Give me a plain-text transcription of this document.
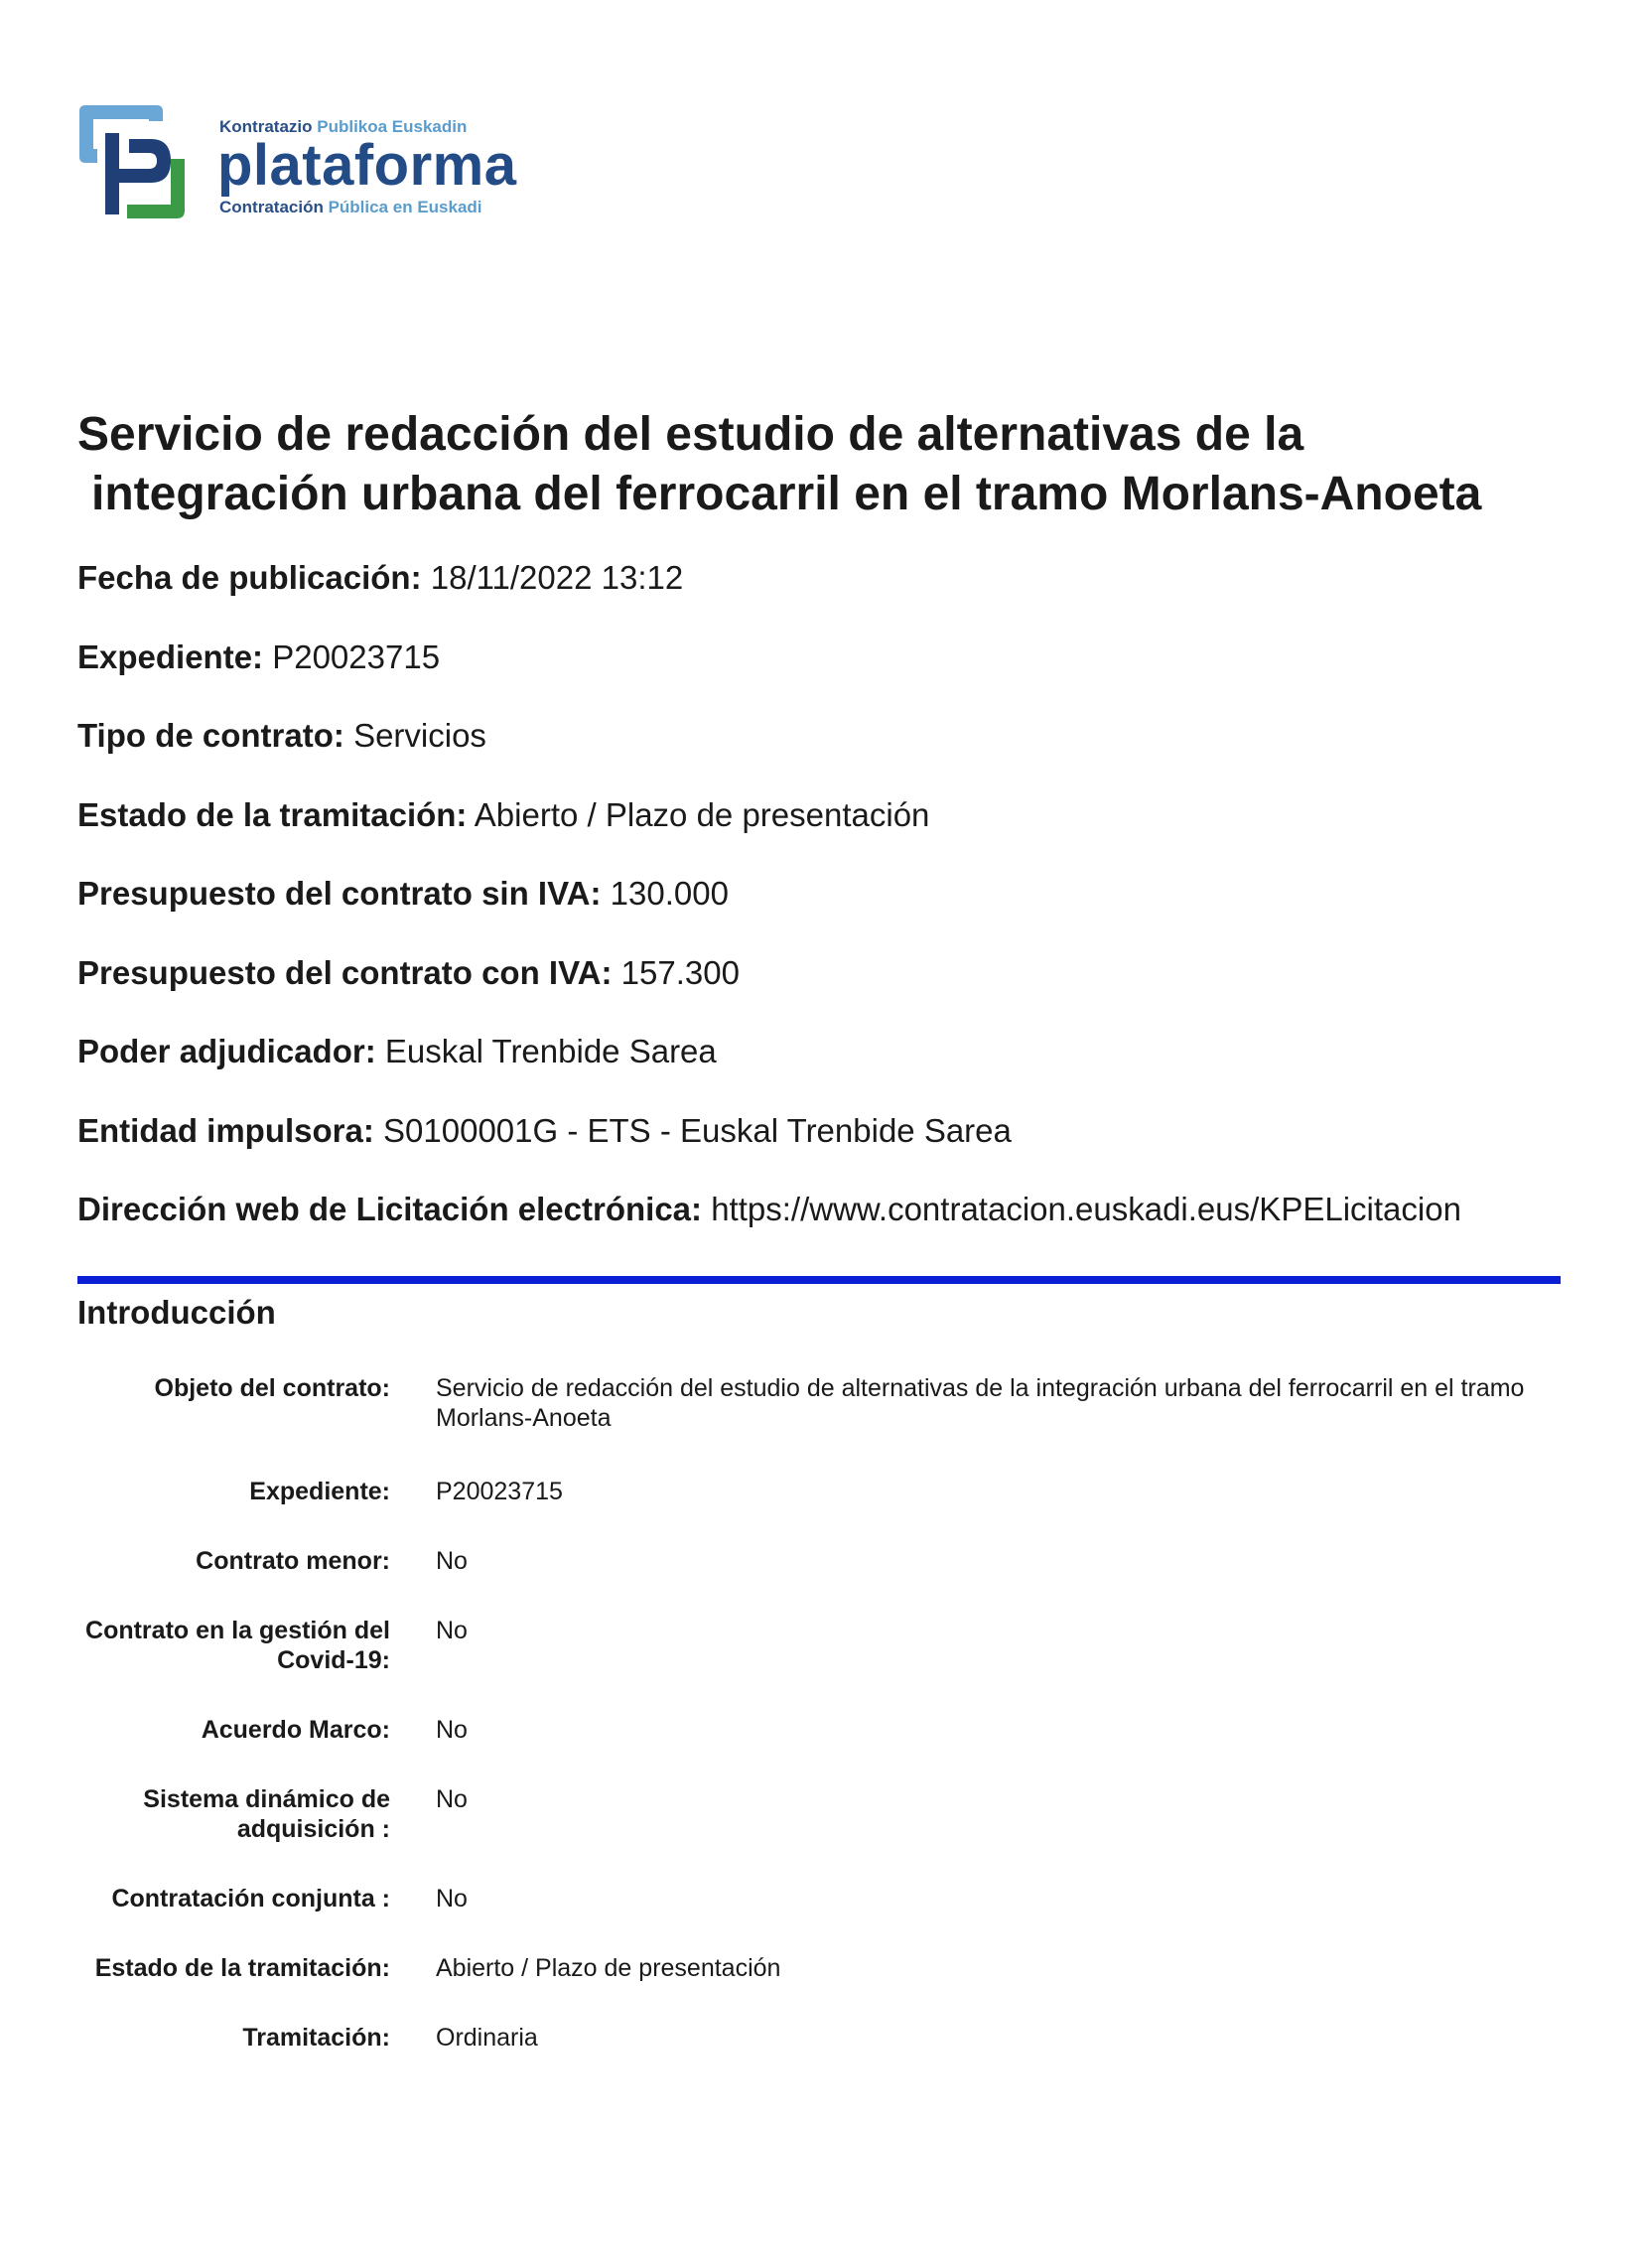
Kontratazio Publikoa Euskadin
plataforma
Contratación Pública en Euskadi
Servicio de redacción del estudio de alternativas de la
integración urbana del ferrocarril en el tramo Morlans-Anoeta
Fecha de publicación: 18/11/2022 13:12
Expediente: P20023715
Tipo de contrato: Servicios
Estado de la tramitación: Abierto / Plazo de presentación
Presupuesto del contrato sin IVA: 130.000
Presupuesto del contrato con IVA: 157.300
Poder adjudicador: Euskal Trenbide Sarea
Entidad impulsora: S0100001G - ETS - Euskal Trenbide Sarea
Dirección web de Licitación electrónica: https://www.contratacion.euskadi.eus/KPELicitacion
Introducción
Objeto del contrato: Servicio de redacción del estudio de alternativas de la integración urbana del ferrocarril en el tramo
Morlans-Anoeta
Expediente: P20023715
Contrato menor: No
Contrato en la gestión del
Covid-19:
No
Acuerdo Marco: No
Sistema dinámico de
adquisición :
No
Contratación conjunta : No
Estado de la tramitación: Abierto / Plazo de presentación
Tramitación: Ordinaria
